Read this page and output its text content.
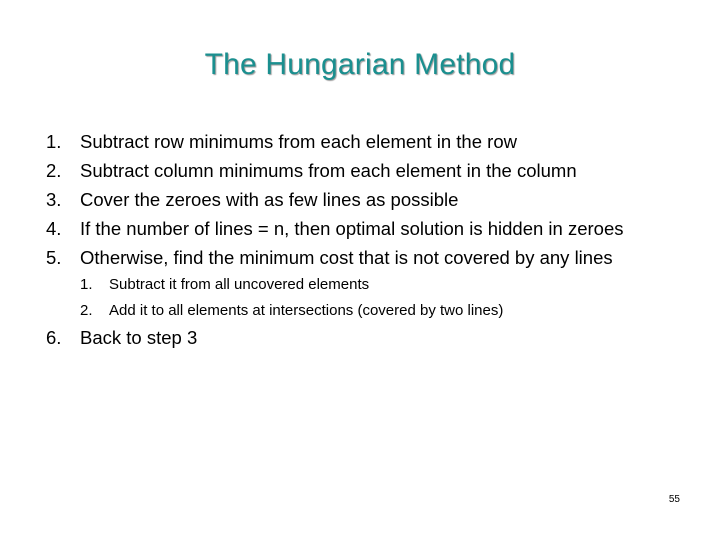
The Hungarian Method
1. Subtract row minimums from each element in the row
2. Subtract column minimums from each element in the column
3. Cover the zeroes with as few lines as possible
4. If the number of lines = n, then optimal solution is hidden in zeroes
5. Otherwise, find the minimum cost that is not covered by any lines
1. Subtract it from all uncovered elements
2. Add it to all elements at intersections (covered by two lines)
6. Back to step 3
55
